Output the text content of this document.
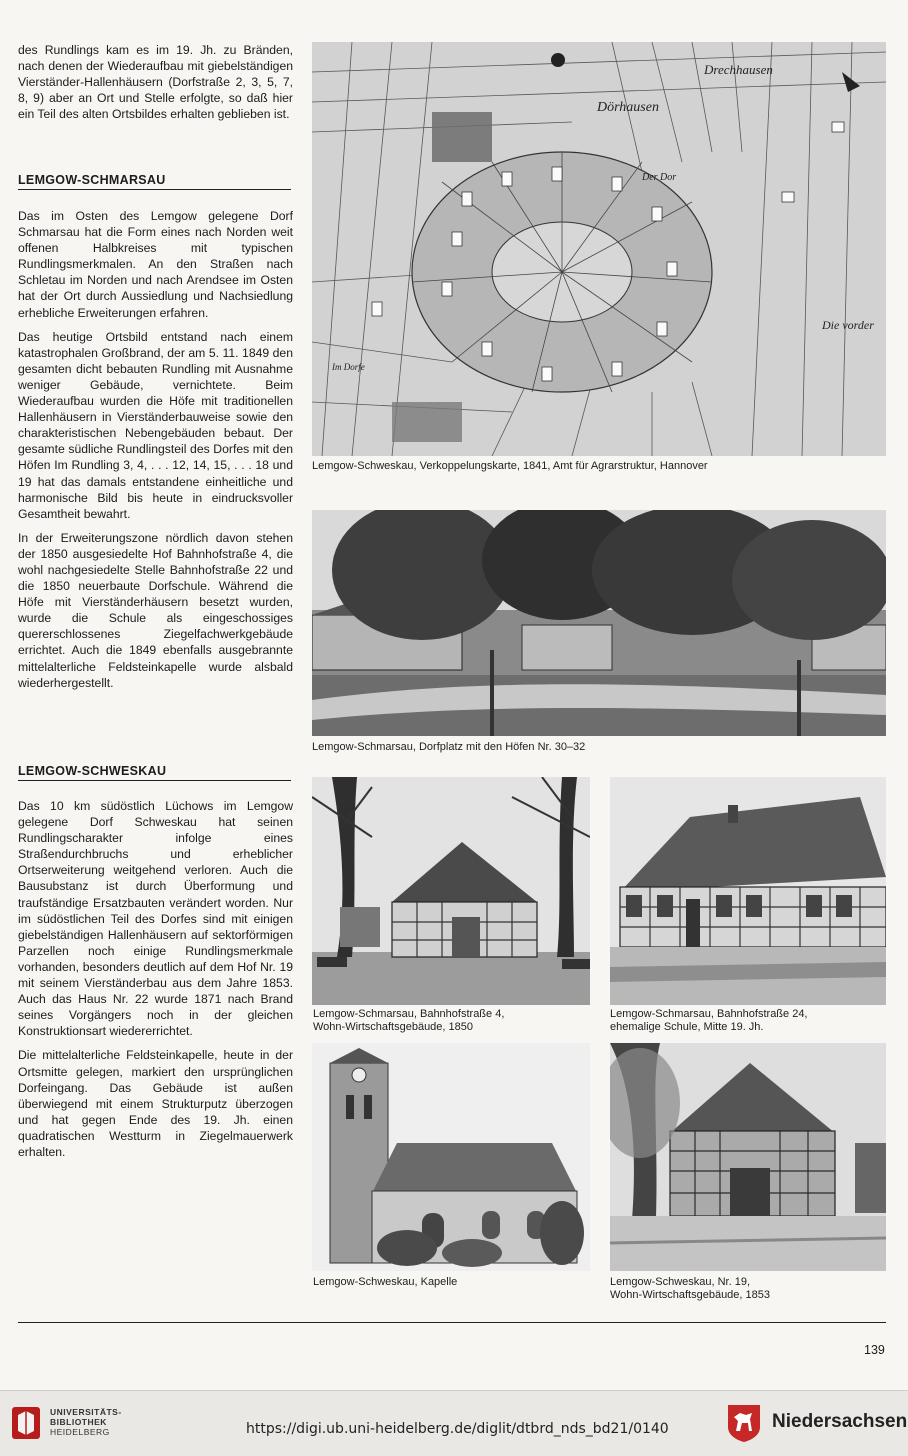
des Rundlings kam es im 19. Jh. zu Bränden, nach denen der Wiederaufbau mit giebelständigen Vierständer-Hallenhäusern (Dorfstraße 2, 3, 5, 7, 8, 9) aber an Ort und Stelle erfolgte, so daß hier ein Teil des alten Ortsbildes erhalten geblieben ist.

LEMGOW-SCHMARSAU

Das im Osten des Lemgow gelegene Dorf Schmarsau hat die Form eines nach Norden weit offenen Halbkreises mit typischen Rundlingsmerkmalen. An den Straßen nach Schletau im Norden und nach Arendsee im Osten hat der Ort durch Aussiedlung und Nachsiedlung erhebliche Erweiterungen erfahren.

Das heutige Ortsbild entstand nach einem katastrophalen Großbrand, der am 5. 11. 1849 den gesamten dicht bebauten Rundling mit Ausnahme weniger Gebäude, vernichtete. Beim Wiederaufbau wurden die Höfe mit traditionellen Hallenhäusern in Vierständerbauweise sowie den charakteristischen Nebengebäuden bebaut. Der gesamte südliche Rundlingsteil des Dorfes mit den Höfen Im Rundling 3, 4, . . . 12, 14, 15, . . . 18 und 19 hat das damals entstandene einheitliche und harmonische Bild bis heute in eindrucksvoller Gesamtheit bewahrt.

In der Erweiterungszone nördlich davon stehen der 1850 ausgesiedelte Hof Bahnhofstraße 4, die wohl nachgesiedelte Stelle Bahnhofstraße 22 und die 1850 neuerbaute Dorfschule. Während die Höfe mit Vierständerhäusern besetzt wurden, wurde die Schule als eingeschossiges quererschlossenes Ziegelfachwerkgebäude errichtet. Auch die 1849 ebenfalls ausgebrannte mittelalterliche Feldsteinkapelle wurde alsbald wiederhergestellt.

LEMGOW-SCHWESKAU

Das 10 km südöstlich Lüchows im Lemgow gelegene Dorf Schweskau hat seinen Rundlingscharakter infolge eines Straßendurchbruchs und erheblicher Ortserweiterung weitgehend verloren. Auch die Bausubstanz ist durch Überformung und traufständige Ersatzbauten verändert worden. Nur im südöstlichen Teil des Dorfes sind mit einigen giebelständigen Hallenhäusern auf sektorförmigen Parzellen noch einige Rundlingsmerkmale vorhanden, besonders deutlich auf dem Hof Nr. 19 mit seinem Vierständerbau aus dem Jahre 1853. Auch das Haus Nr. 22 wurde 1871 nach Brand seines Vorgängers noch in der gleichen Konstruktionsart wiedererrichtet.

Die mittelalterliche Feldsteinkapelle, heute in der Ortsmitte gelegen, markiert den ursprünglichen Dorfeingang. Das Gebäude ist außen überwiegend mit einem Strukturputz überzogen und hat gegen Ende des 19. Jh. einen quadratischen Westturm in Ziegelmauerwerk erhalten.

Drechhausen
Dörhausen
Der Dor
Im Dorfe
Die vorder

Lemgow-Schweskau, Verkoppelungskarte, 1841, Amt für Agrarstruktur, Hannover

Lemgow-Schmarsau, Dorfplatz mit den Höfen Nr. 30–32

Lemgow-Schmarsau, Bahnhofstraße 4,

Wohn-Wirtschaftsgebäude, 1850

Lemgow-Schmarsau, Bahnhofstraße 24,

ehemalige Schule, Mitte 19. Jh.

Lemgow-Schweskau, Kapelle	Lemgow-Schweskau, Nr. 19,

Wohn-Wirtschaftsgebäude, 1853

139
UNIVERSITÄTS-
BIBLIOTHEK
HEIDELBERG	https://digi.ub.uni-heidelberg.de/diglit/dtbrd_nds_bd21/0140	Niedersachsen
